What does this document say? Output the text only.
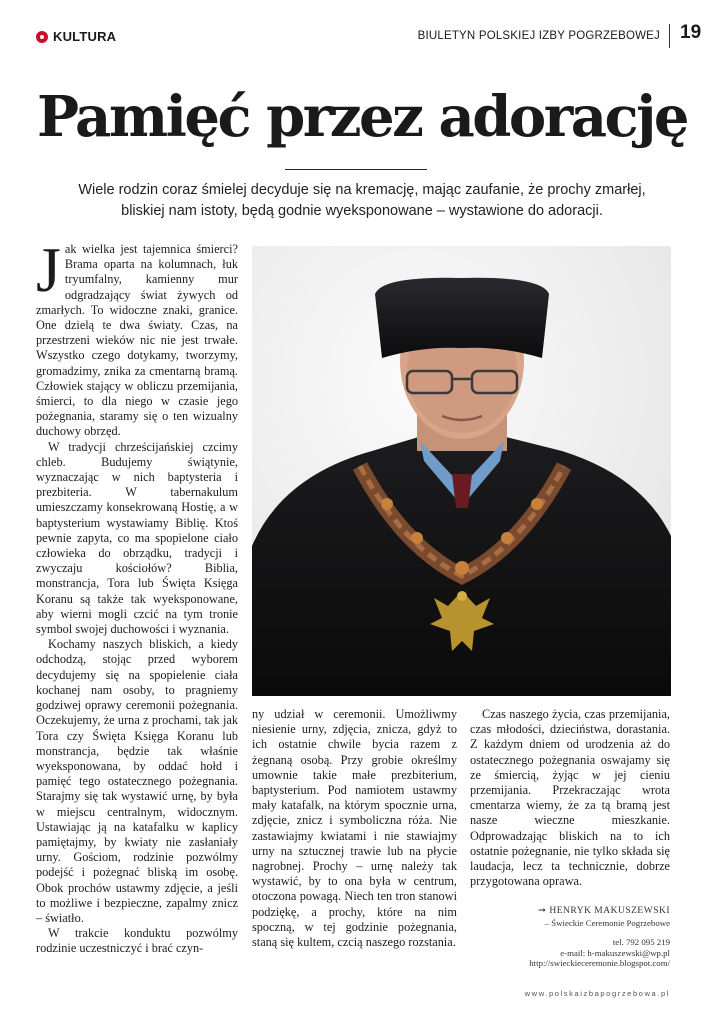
KULTURA	BIULETYN POLSKIEJ IZBY POGRZEBOWEJ 19
Pamięć przez adorację
Wiele rodzin coraz śmielej decyduje się na kremację, mając zaufanie, że prochy zmarłej,
bliskiej nam istoty, będą godnie wyeksponowane – wystawione do adoracji.

Jak wielka jest tajemnica śmierci? Brama oparta na kolumnach, łuk tryumfalny, kamienny mur odgradzający świat żywych od zmarłych. To widoczne znaki, granice. One dzielą te dwa światy. Czas, na przestrzeni wieków nic nie jest trwałe. Wszystko czego dotykamy, tworzymy, gromadzimy, znika za cmentarną bramą. Człowiek stający w obliczu przemijania, śmierci, to dla niego w czasie jego pożegnania, staramy się o ten wizualny duchowy obrzęd.

W tradycji chrześcijańskiej czcimy chleb. Budujemy świątynie, wyznaczając w nich baptysteria i prezbiteria. W tabernakulum umieszczamy konsekrowaną Hostię, a w baptysterium wystawiamy Biblię. Ktoś pewnie zapyta, co ma spopielone ciało człowieka do obrządku, tradycji i zwyczaju kościołów? Biblia, monstrancja, Tora lub Święta Księga Koranu są także tak wyeksponowane, aby wierni mogli czcić na tym tronie symbol swojej duchowości i wyznania.

Kochamy naszych bliskich, a kiedy odchodzą, stojąc przed wyborem decydujemy się na spopielenie ciała kochanej nam osoby, to pragniemy godziwej oprawy ceremonii pożegnania. Oczekujemy, że urna z prochami, tak jak Tora czy Święta Księga Koranu lub monstrancja, będzie tak właśnie wyeksponowana, by oddać hołd i pamięć tego ostatecznego pożegnania. Starajmy się tak wystawić urnę, by była w miejscu centralnym, widocznym. Ustawiając ją na katafalku w kaplicy pamiętajmy, by kwiaty nie zasłaniały urny. Gościom, rodzinie pozwólmy podejść i pożegnać bliską im osobę. Obok prochów ustawmy zdjęcie, a jeśli to możliwe i bezpieczne, zapalmy znicz – światło.

W trakcie konduktu pozwólmy rodzinie uczestniczyć i brać czyn-

ny udział w ceremonii. Umożliwmy niesienie urny, zdjęcia, znicza, gdyż to ich ostatnie chwile bycia razem z żegnaną osobą. Przy grobie określmy umownie takie małe prezbiterium, baptysterium. Pod namiotem ustawmy mały katafalk, na którym spocznie urna, zdjęcie, znicz i symboliczna róża. Nie zastawiajmy kwiatami i nie stawiajmy urny na sztucznej trawie lub na płycie nagrobnej. Prochy – urnę należy tak wystawić, by to ona była w centrum, otoczona powagą. Niech ten tron stanowi podziękę, a prochy, które na nim spoczną, w tej godzinie pożegnania, staną się kultem, czcią naszego rozstania.

Czas naszego życia, czas przemijania, czas młodości, dzieciństwa, dorastania. Z każdym dniem od urodzenia aż do ostatecznego pożegnania oswajamy się ze śmiercią, żyjąc w jej cieniu przemijania. Przekraczając wrota cmentarza wiemy, że za tą bramą jest nasze wieczne mieszkanie. Odprowadzając bliskich na to ich ostatnie pożegnanie, nie tylko składa się laudacja, lecz ta technicznie, dobrze przygotowana oprawa.

➞ HENRYK MAKUSZEWSKI
– Świeckie Ceremonie Pogrzebowe
tel. 792 095 219
e-mail: h-makuszewski@wp.pl
http://swieckieceremonie.blogspot.com/
www.polskaizbapogrzebowa.pl
